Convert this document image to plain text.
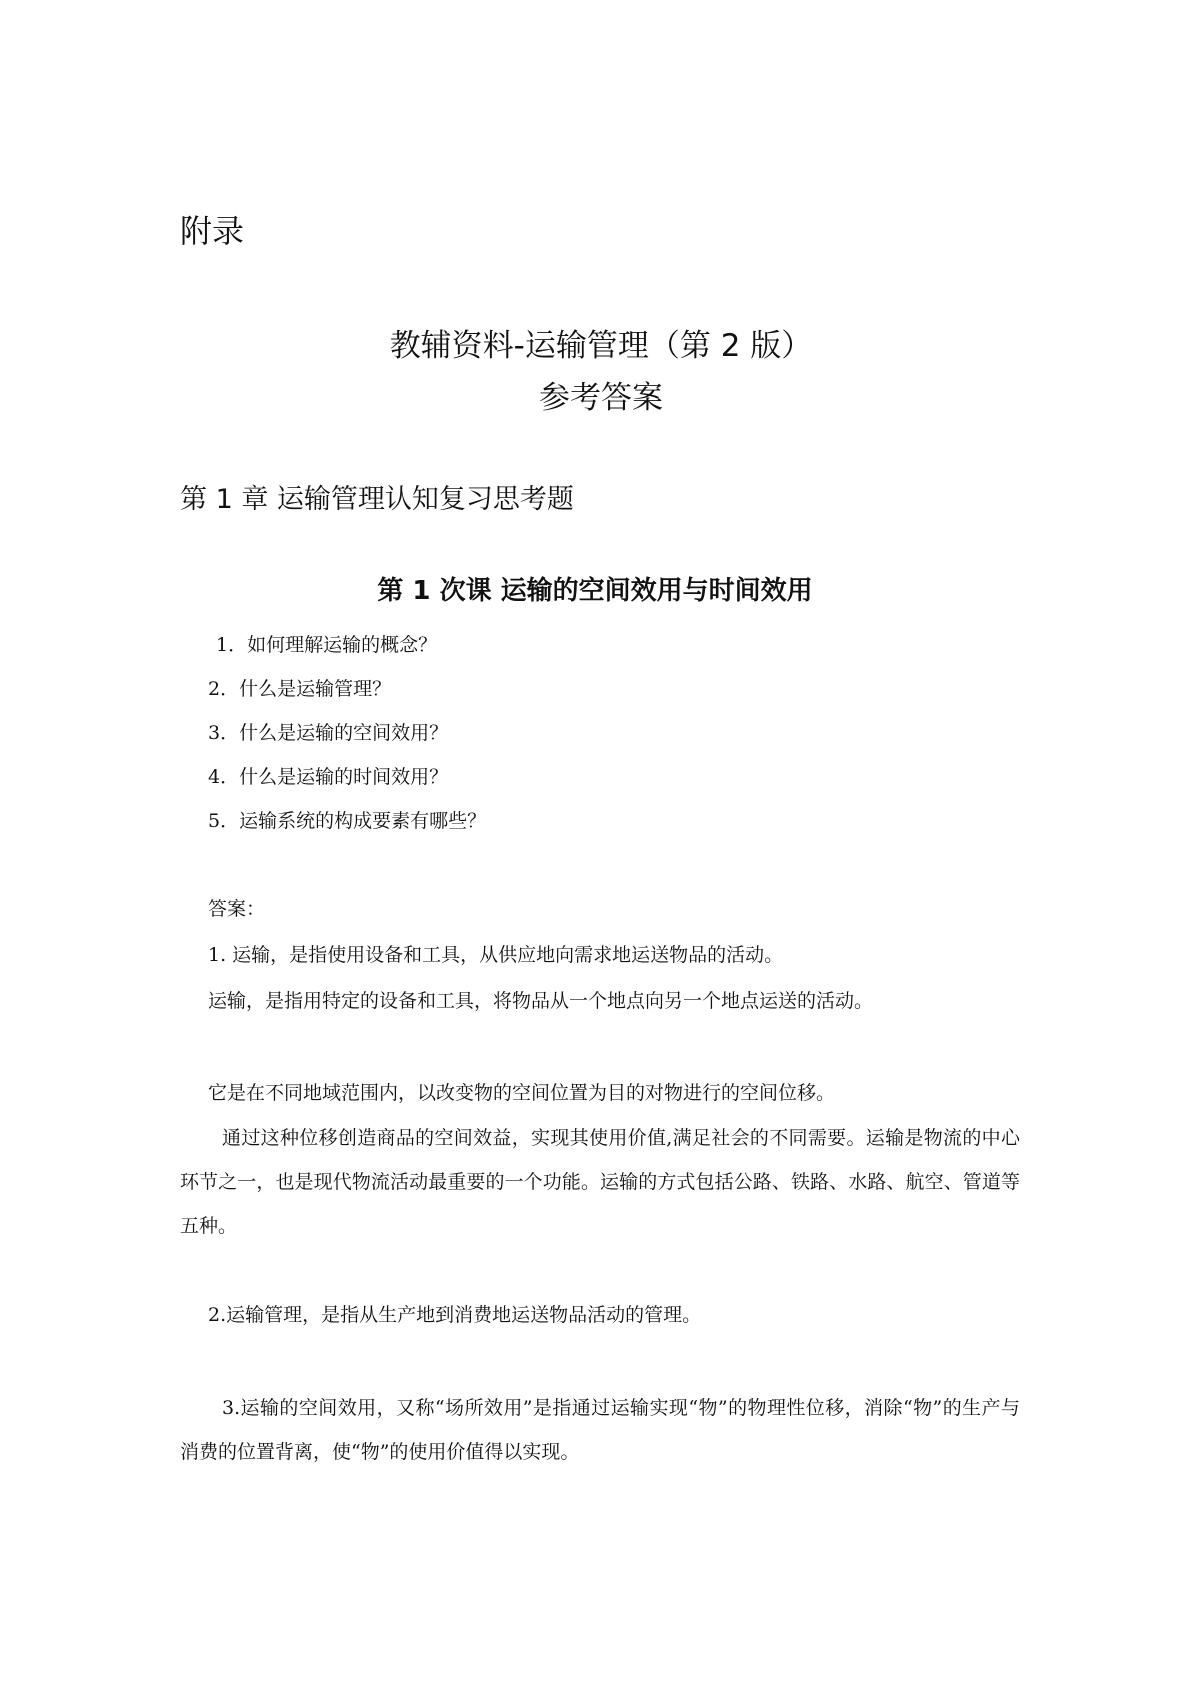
附录
教辅资料-运输管理（第 2 版）
参考答案
第 1 章 运输管理认知复习思考题
第 1 次课 运输的空间效用与时间效用
1．如何理解运输的概念？
2．什么是运输管理？
3．什么是运输的空间效用？
4．什么是运输的时间效用？
5．运输系统的构成要素有哪些？
答案：
1. 运输，是指使用设备和工具，从供应地向需求地运送物品的活动。
运输，是指用特定的设备和工具，将物品从一个地点向另一个地点运送的活动。
它是在不同地域范围内，以改变物的空间位置为目的对物进行的空间位移。

通过这种位移创造商品的空间效益，实现其使用价值,满足社会的不同需要。运输是物流的中心环节之一，也是现代物流活动最重要的一个功能。运输的方式包括公路、铁路、水路、航空、管道等五种。

2.运输管理，是指从生产地到消费地运送物品活动的管理。

3.运输的空间效用，又称“场所效用”是指通过运输实现“物”的物理性位移，消除“物”的生产与消费的位置背离，使“物”的使用价值得以实现。
